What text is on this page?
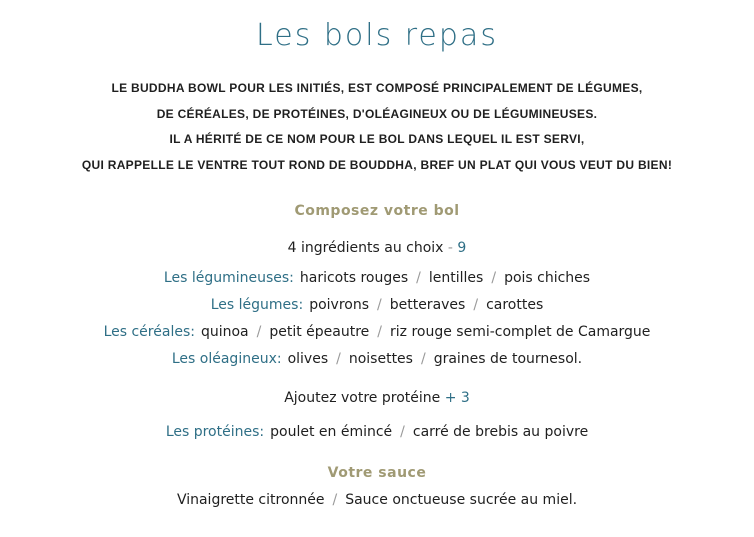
Les bols repas
LE BUDDHA BOWL POUR LES INITIÉS, EST COMPOSÉ PRINCIPALEMENT DE LÉGUMES,
DE CÉRÉALES, DE PROTÉINES, D'OLÉAGINEUX OU DE LÉGUMINEUSES.
IL A HÉRITÉ DE CE NOM POUR LE BOL DANS LEQUEL IL EST SERVI,
QUI RAPPELLE LE VENTRE TOUT ROND DE BOUDDHA, BREF UN PLAT QUI VOUS VEUT DU BIEN!
Composez votre bol
4 ingrédients au choix - 9
Les légumineuses: haricots rouges / lentilles / pois chiches
Les légumes: poivrons / betteraves / carottes
Les céréales: quinoa / petit épeautre / riz rouge semi-complet de Camargue
Les oléagineux: olives / noisettes / graines de tournesol.
Ajoutez votre protéine + 3
Les protéines: poulet en émincé / carré de brebis au poivre
Votre sauce
Vinaigrette citronnée / Sauce onctueuse sucrée au miel.
